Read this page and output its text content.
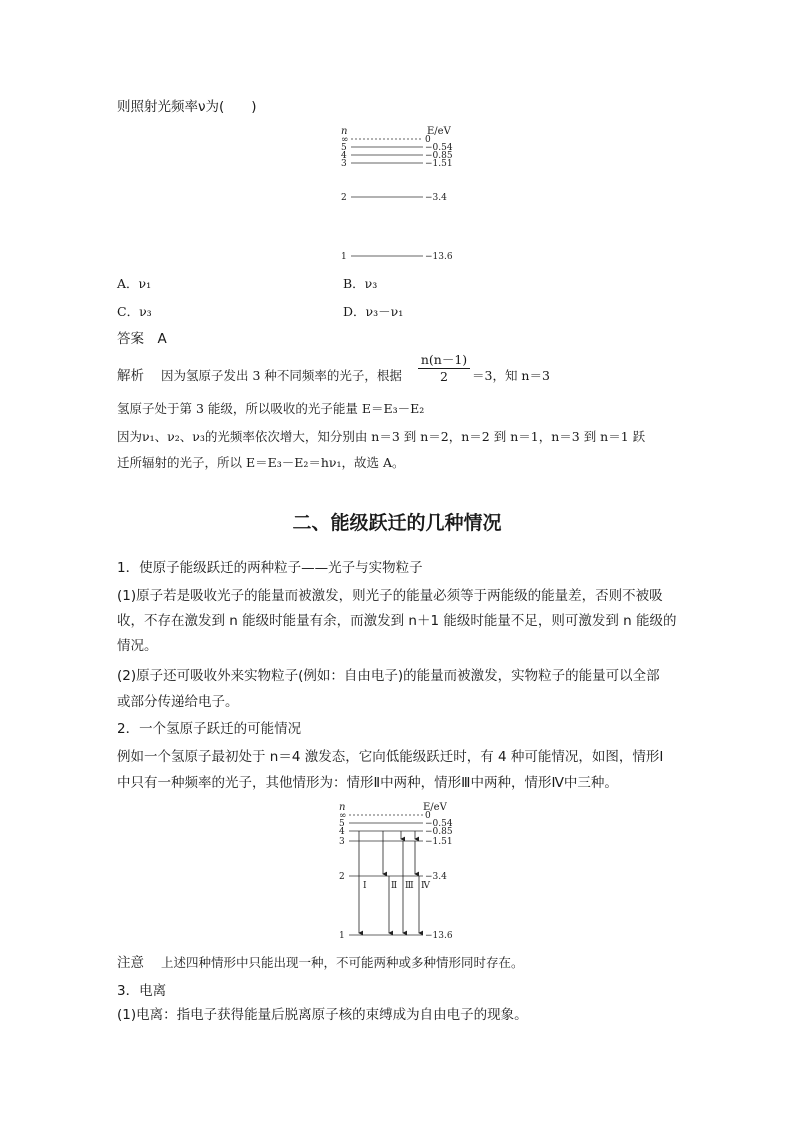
则照射光频率ν为(　　)
n	E/eV
∞
5
4
3
2
1
0
−0.54
−0.85
−1.51
−3.4
−13.6
A．ν₁	B．ν₃
C．ν₃	D．ν₃－ν₁
答案　A
解析 因为氢原子发出 3 种不同频率的光子，根据
n(n－1)
2	＝3，知 n＝3
氢原子处于第 3 能级，所以吸收的光子能量 E＝E₃－E₂
因为ν₁、ν₂、ν₃的光频率依次增大，知分别由 n＝3 到 n＝2，n＝2 到 n＝1，n＝3 到 n＝1 跃
迁所辐射的光子，所以 E＝E₃－E₂＝hν₁，故选 A。
二、能级跃迁的几种情况
1．使原子能级跃迁的两种粒子——光子与实物粒子
(1)原子若是吸收光子的能量而被激发，则光子的能量必须等于两能级的能量差，否则不被吸
收，不存在激发到 n 能级时能量有余，而激发到 n＋1 能级时能量不足，则可激发到 n 能级的
情况。
(2)原子还可吸收外来实物粒子(例如：自由电子)的能量而被激发，实物粒子的能量可以全部
或部分传递给电子。
2．一个氢原子跃迁的可能情况
例如一个氢原子最初处于 n＝4 激发态，它向低能级跃迁时，有 4 种可能情况，如图，情形Ⅰ
中只有一种频率的光子，其他情形为：情形Ⅱ中两种，情形Ⅲ中两种，情形Ⅳ中三种。
n	E/eV
Ⅰ	Ⅱ Ⅲ Ⅳ
∞
5
4
3
2
1
0
−0.54
−0.85
−1.51
−3.4
−13.6
注意 上述四种情形中只能出现一种，不可能两种或多种情形同时存在。
3．电离
(1)电离：指电子获得能量后脱离原子核的束缚成为自由电子的现象。
